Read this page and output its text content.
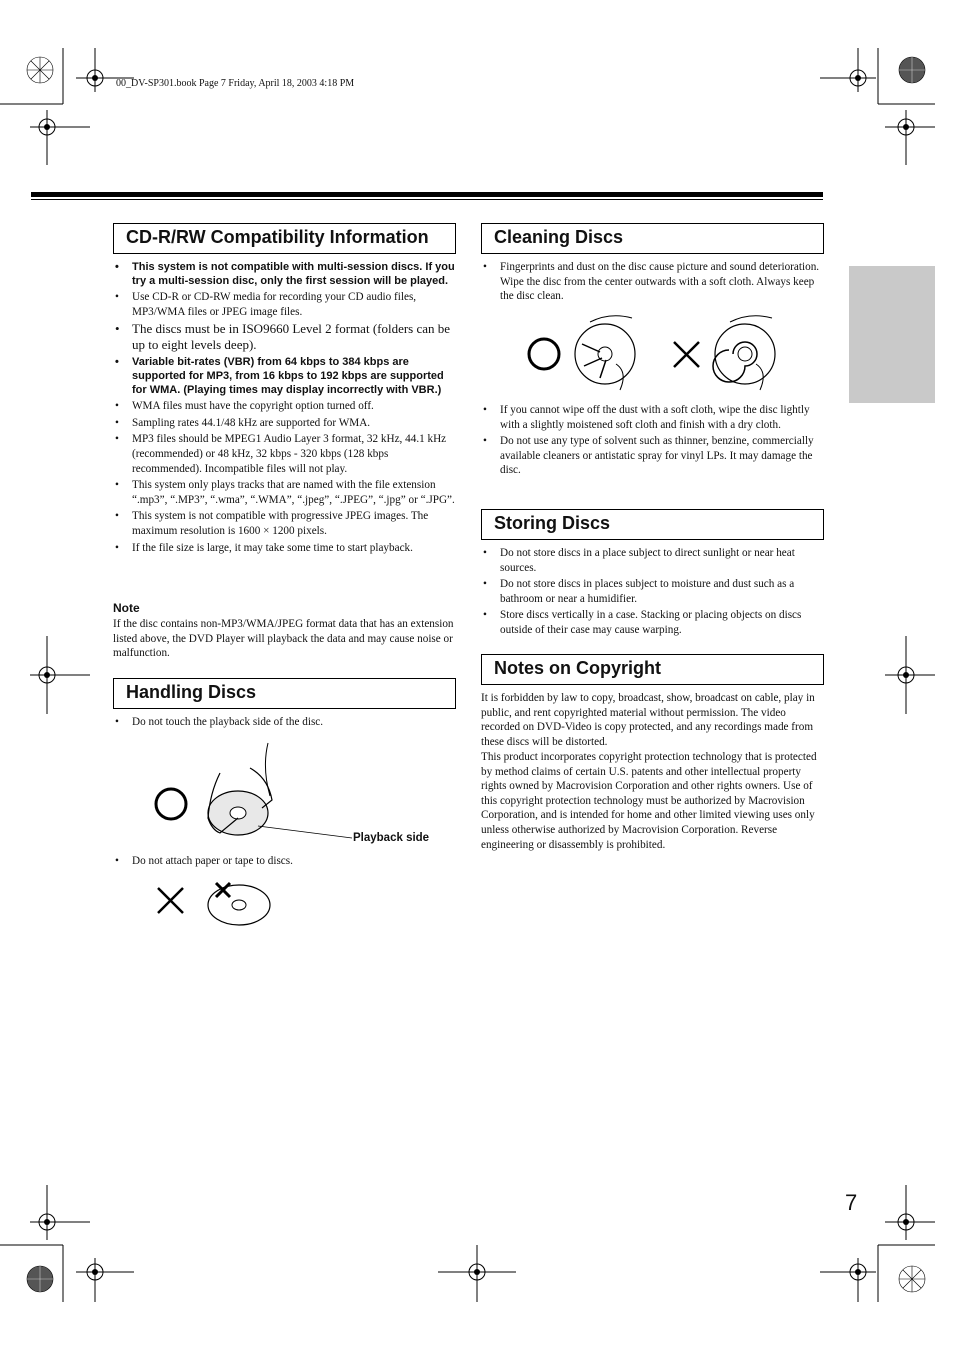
00_DV-SP301.book Page 7 Friday, April 18, 2003 4:18 PM
CD-R/RW Compatibility Information
• This system is not compatible with multi-session discs. If you try a multi-session disc, only the first session will be played.
• Use CD-R or CD-RW media for recording your CD audio files, MP3/WMA files or JPEG image files.
• The discs must be in ISO9660 Level 2 format (folders can be up to eight levels deep).
• Variable bit-rates (VBR) from 64 kbps to 384 kbps are supported for MP3, from 16 kbps to 192 kbps are supported for WMA. (Playing times may display incorrectly with VBR.)
• WMA files must have the copyright option turned off.
• Sampling rates 44.1/48 kHz are supported for WMA.
• MP3 files should be MPEG1 Audio Layer 3 format, 32 kHz, 44.1 kHz (recommended) or 48 kHz, 32 kbps - 320 kbps (128 kbps recommended). Incompatible files will not play.
• This system only plays tracks that are named with the file extension “.mp3”, “.MP3”, “.wma”, “.WMA”, “.jpeg”, “.JPEG”, “.jpg” or “.JPG”.
• This system is not compatible with progressive JPEG images. The maximum resolution is 1600 × 1200 pixels.
• If the file size is large, it may take some time to start playback.
Note
If the disc contains non-MP3/WMA/JPEG format data that has an extension listed above, the DVD Player will playback the data and may cause noise or malfunction.
Handling Discs
• Do not touch the playback side of the disc.
Playback side
• Do not attach paper or tape to discs.
Cleaning Discs
• Fingerprints and dust on the disc cause picture and sound deterioration. Wipe the disc from the center outwards with a soft cloth. Always keep the disc clean.
• If you cannot wipe off the dust with a soft cloth, wipe the disc lightly with a slightly moistened soft cloth and finish with a dry cloth.
• Do not use any type of solvent such as thinner, benzine, commercially available cleaners or antistatic spray for vinyl LPs. It may damage the disc.
Storing Discs
• Do not store discs in a place subject to direct sunlight or near heat sources.
• Do not store discs in places subject to moisture and dust such as a bathroom or near a humidifier.
• Store discs vertically in a case. Stacking or placing objects on discs outside of their case may cause warping.
Notes on Copyright
It is forbidden by law to copy, broadcast, show, broadcast on cable, play in public, and rent copyrighted material without permission. The video recorded on DVD-Video is copy protected, and any recordings made from these discs will be distorted.
This product incorporates copyright protection technology that is protected by method claims of certain U.S. patents and other intellectual property rights owned by Macrovision Corporation and other rights owners. Use of this copyright protection technology must be authorized by Macrovision Corporation, and is intended for home and other limited viewing uses only unless otherwise authorized by Macrovision Corporation. Reverse engineering or disassembly is prohibited.
7
